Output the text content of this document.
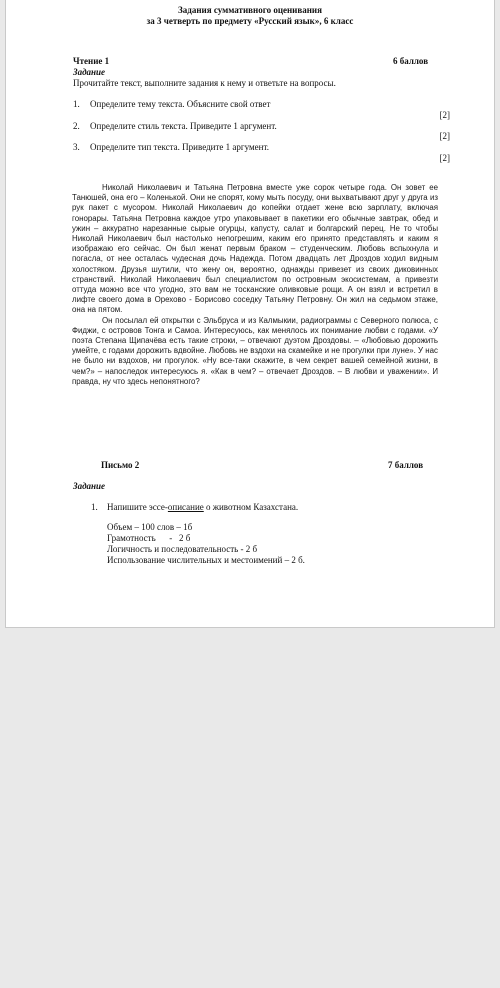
Задания суммативного оценивания
за 3 четверть по предмету «Русский язык», 6 класс
Чтение 1	6 баллов
Задание
Прочитайте текст, выполните задания к нему и ответьте на вопросы.
1.	Определите тему текста. Объясните свой ответ
[2]
2.	Определите стиль текста. Приведите 1 аргумент.
[2]
3.	Определите тип текста. Приведите 1 аргумент.
[2]

Николай Николаевич и Татьяна Петровна вместе уже сорок четыре года. Он зовет ее Танюшей, она его – Коленькой. Они не спорят, кому мыть посуду, они выхватывают друг у друга из рук пакет с мусором. Николай Николаевич до копейки отдает жене всю зарплату, включая гонорары. Татьяна Петровна каждое утро упаковывает в пакетики его обычные завтрак, обед и ужин – аккуратно нарезанные сырые огурцы, капусту, салат и болгарский перец. Не то чтобы Николай Николаевич был настолько непогрешим, каким его принято представлять и каким я изображаю его сейчас. Он был женат первым браком – студенческим. Любовь вспыхнула и погасла, от нее осталась чудесная дочь Надежда. Потом двадцать лет Дроздов ходил видным холостяком. Друзья шутили, что жену он, вероятно, однажды привезет из своих диковинных странствий. Николай Николаевич был специалистом по островным экосистемам, а привезти оттуда можно все что угодно, это вам не тосканские оливковые рощи. А он взял и встретил в лифте своего дома в Орехово - Борисово соседку Татьяну Петровну. Он жил на седьмом этаже, она на пятом.

Он посылал ей открытки с Эльбруса и из Калмыкии, радиограммы с Северного полюса, с Фиджи, с островов Тонга и Самоа. Интересуюсь, как менялось их понимание любви с годами. «У поэта Степана Щипачёва есть такие строки, – отвечают дуэтом Дроздовы. – «Любовью дорожить умейте, с годами дорожить вдвойне. Любовь не вздохи на скамейке и не прогулки при луне». У нас не было ни вздохов, ни прогулок. «Ну все-таки скажите, в чем секрет вашей семейной жизни, в чем?» – напоследок интересуюсь я. «Как в чем? – отвечает Дроздов. – В любви и уважении». И правда, ну что здесь непонятного?

Письмо 2	7 баллов
Задание
1.	Напишите эссе-описание о животном Казахстана.
Объем – 100 слов – 1б
Грамотность      -   2 б
Логичность и последовательность - 2 б
Использование числительных и местоимений – 2 б.
